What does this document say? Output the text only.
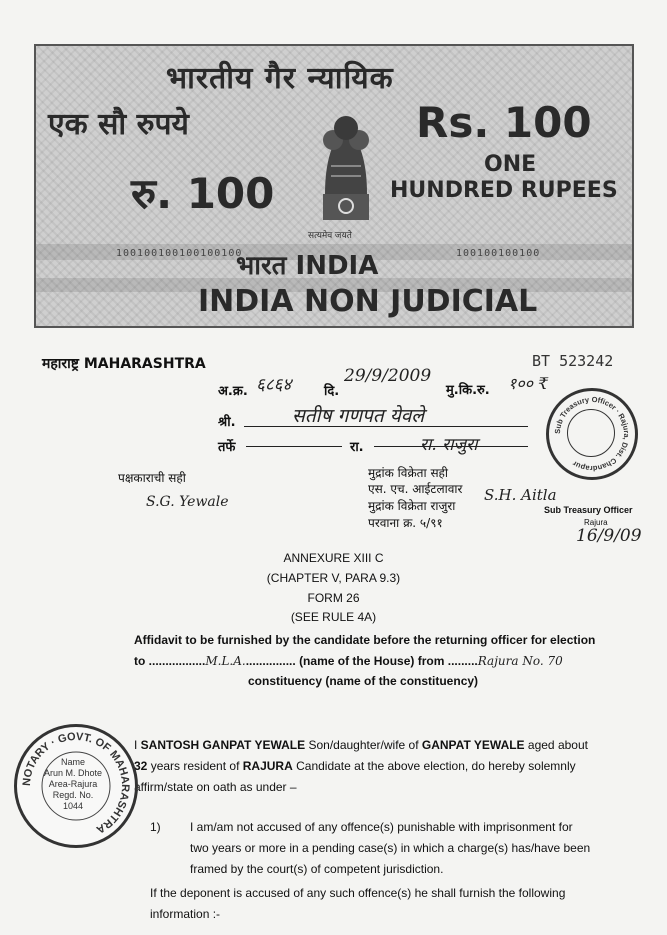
भारतीय गैर न्यायिक
एक सौ रुपये	Rs. 100
रु. 100
ONE
HUNDRED RUPEES
सत्यमेव जयते
100100100100100100	100100100100
भारत INDIA
INDIA NON JUDICIAL
महाराष्ट्र MAHARASHTRA	BT 523242
अ.क्र. ६८६४	दि.
29/9/2009
मु.कि.रु. १०० ₹
श्री.	सतीष गणपत येवले
तर्फे	रा.	रा. राजुरा
पक्षकाराची सही	मुद्रांक विक्रेता सही
एस. एच. आईटलावार
मुद्रांक विक्रेता राजुरा
परवाना क्र. ५/९१
S.G. Yewale	S.H. Aitla
Sub Treasury Officer · Rajura, Dist. Chandrapur
Sub Treasury Officer
Rajura
16/9/09
ANNEXURE XIII C
(CHAPTER V, PARA 9.3)
FORM 26
(SEE RULE 4A)
Affidavit to be furnished by the candidate before the returning officer for election
to .................M.L.A................ (name of the House) from .........Rajura No. 70
constituency (name of the constituency)
I SANTOSH GANPAT YEWALE Son/daughter/wife of GANPAT YEWALE aged about
32 years resident of RAJURA Candidate at the above election, do hereby solemnly
affirm/state on oath as under –
1) I am/am not accused of any offence(s) punishable with imprisonment for
two years or more in a pending case(s) in which a charge(s) has/have been
framed by the court(s) of competent jurisdiction.
If the deponent is accused of any such offence(s) he shall furnish the following
information :-
NOTARY · GOVT. OF MAHARASHTRA
Name
Arun M. Dhote
Area-Rajura
Regd. No.
1044
